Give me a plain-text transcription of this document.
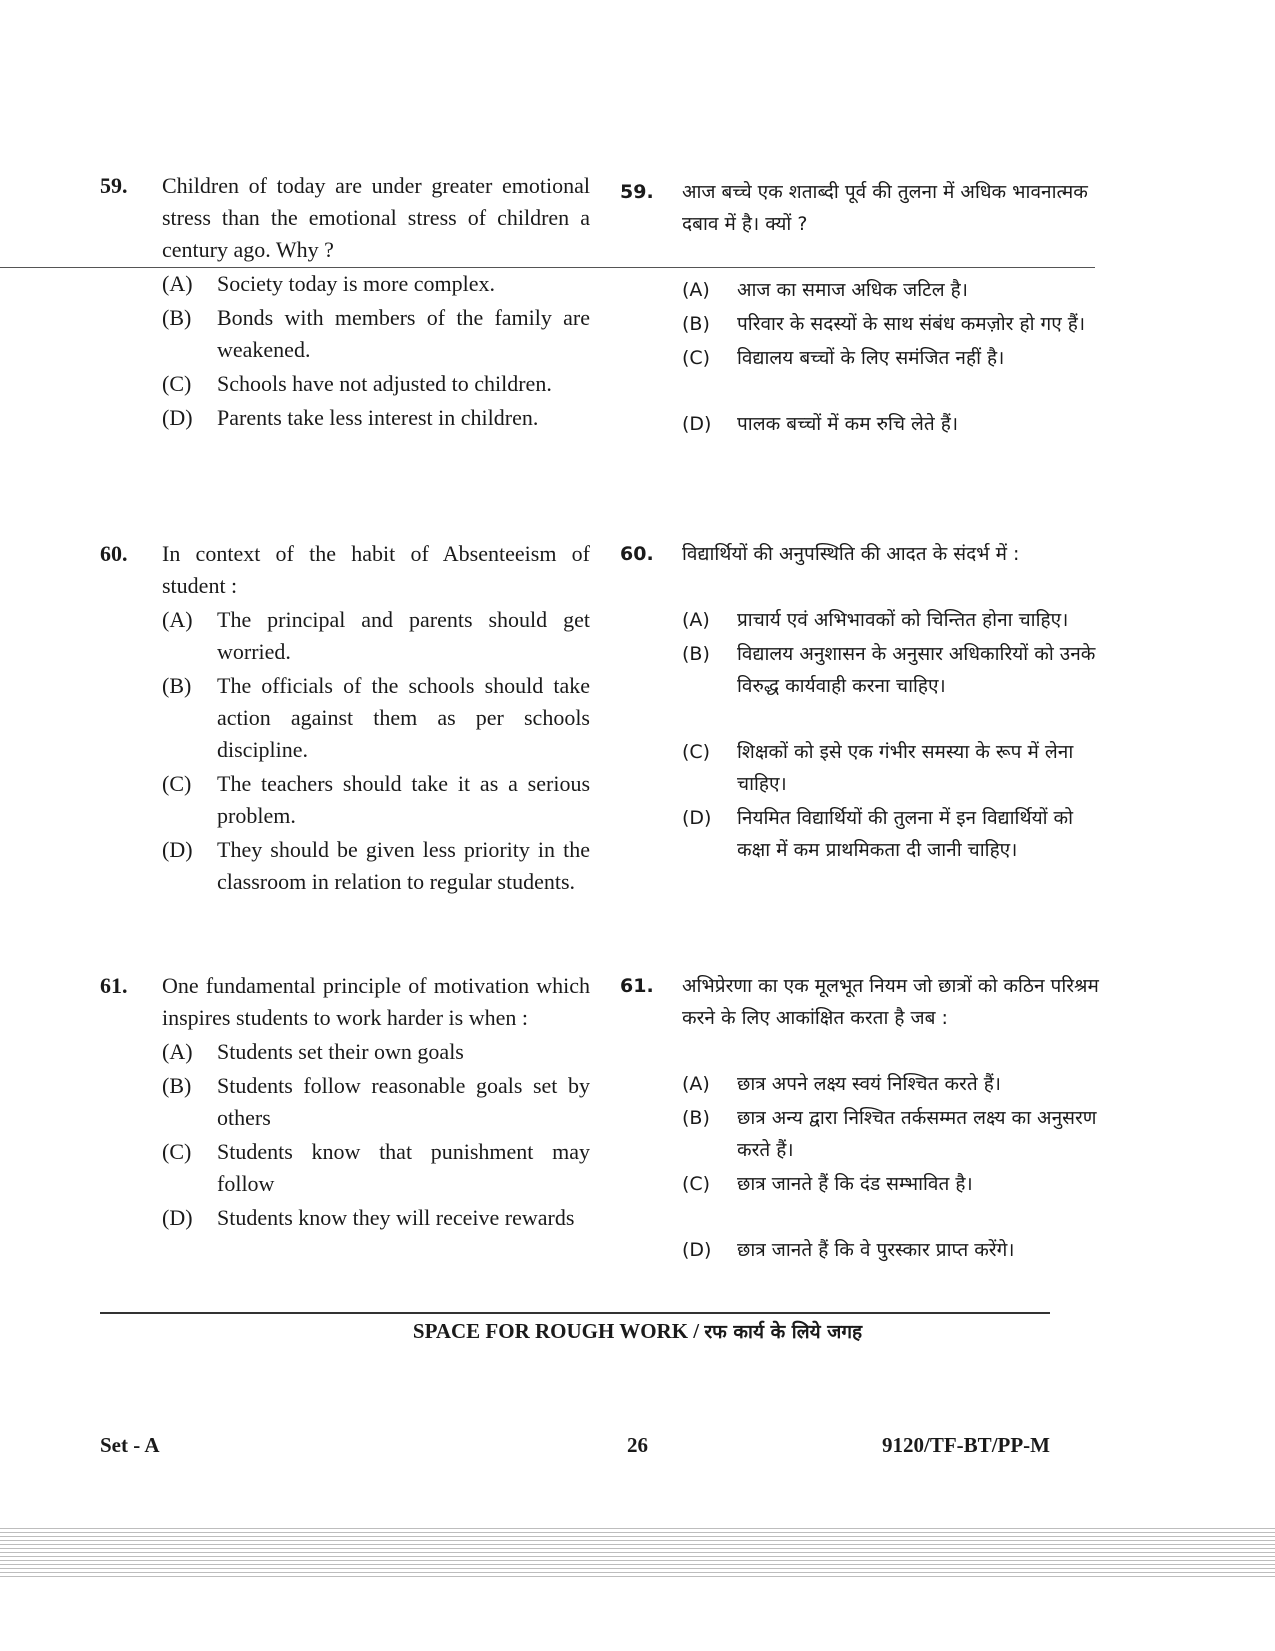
59.	Children of today are under greater emotional stress than the emotional stress of children a century ago. Why ?
(A)	Society today is more complex.
(B)	Bonds with members of the family are weakened.
(C)	Schools have not adjusted to children.
(D)	Parents take less interest in children.
60.	In context of the habit of Absenteeism of student :
(A)	The principal and parents should get worried.
(B)	The officials of the schools should take action against them as per schools discipline.
(C)	The teachers should take it as a serious problem.
(D)	They should be given less priority in the classroom in relation to regular students.
61.	One fundamental principle of motivation which inspires students to work harder is when :
(A)	Students set their own goals
(B)	Students follow reasonable goals set by others
(C)	Students know that punishment may follow
(D)	Students know they will receive rewards
59.	आज बच्चे एक शताब्दी पूर्व की तुलना में अधिक भावनात्मक दबाव में है। क्यों ?
(A)	आज का समाज अधिक जटिल है।
(B)	परिवार के सदस्यों के साथ संबंध कमज़ोर हो गए हैं।
(C)	विद्यालय बच्चों के लिए समंजित नहीं है।
(D)	पालक बच्चों में कम रुचि लेते हैं।
60.	विद्यार्थियों की अनुपस्थिति की आदत के संदर्भ में :
(A)	प्राचार्य एवं अभिभावकों को चिन्तित होना चाहिए।
(B)	विद्यालय अनुशासन के अनुसार अधिकारियों को उनके विरुद्ध कार्यवाही करना चाहिए।
(C)	शिक्षकों को इसे एक गंभीर समस्या के रूप में लेना चाहिए।
(D)	नियमित विद्यार्थियों की तुलना में इन विद्यार्थियों को कक्षा में कम प्राथमिकता दी जानी चाहिए।
61.	अभिप्रेरणा का एक मूलभूत नियम जो छात्रों को कठिन परिश्रम करने के लिए आकांक्षित करता है जब :
(A)	छात्र अपने लक्ष्य स्वयं निश्चित करते हैं।
(B)	छात्र अन्य द्वारा निश्चित तर्कसम्मत लक्ष्य का अनुसरण करते हैं।
(C)	छात्र जानते हैं कि दंड सम्भावित है।
(D)	छात्र जानते हैं कि वे पुरस्कार प्राप्त करेंगे।
SPACE FOR ROUGH WORK / रफ कार्य के लिये जगह
Set - A	26	9120/TF-BT/PP-M
